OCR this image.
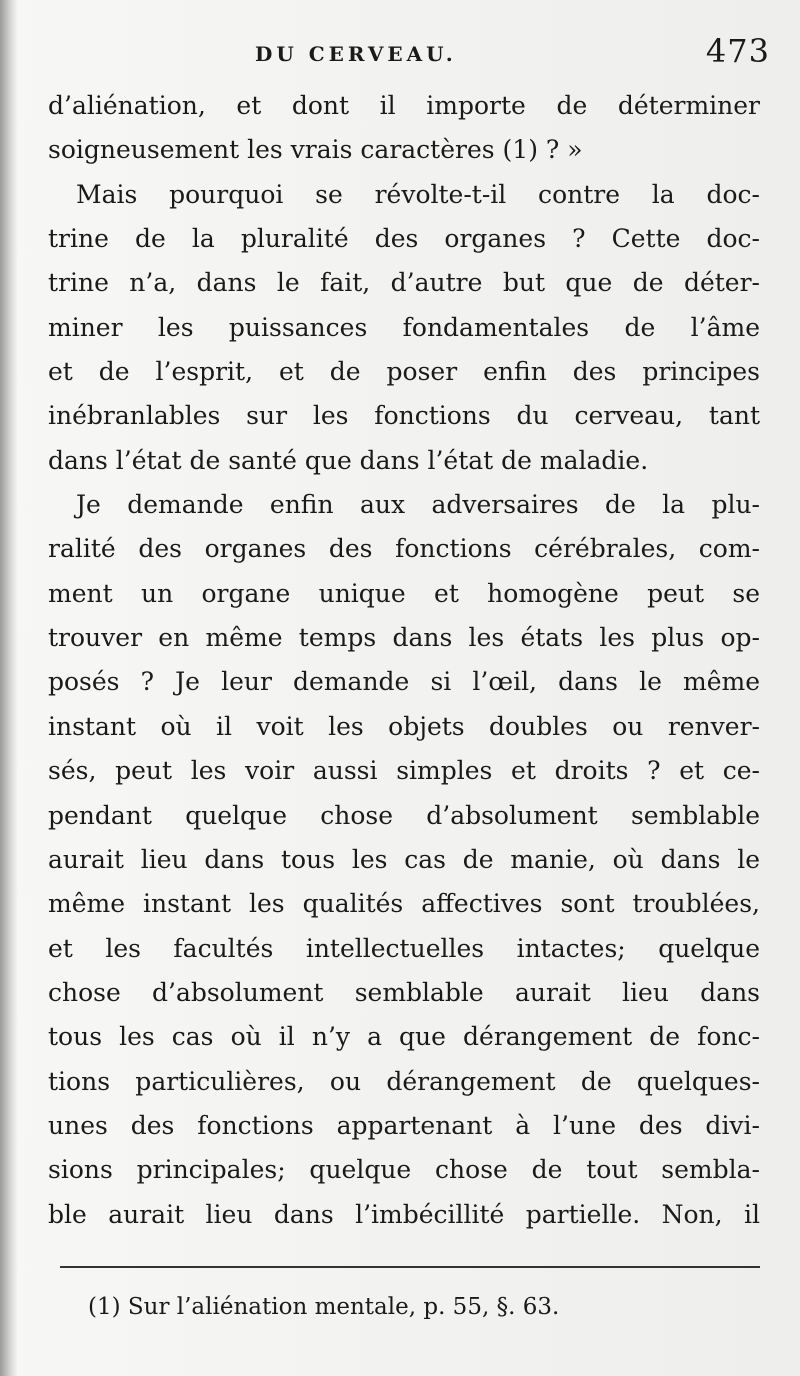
DU CERVEAU.	473
d’aliénation, et dont il importe de déterminer
soigneusement les vrais caractères (1) ? »
Mais pourquoi se révolte-t-il contre la doc-
trine de la pluralité des organes ? Cette doc-
trine n’a, dans le fait, d’autre but que de déter-
miner les puissances fondamentales de l’âme
et de l’esprit, et de poser enfin des principes
inébranlables sur les fonctions du cerveau, tant
dans l’état de santé que dans l’état de maladie.
Je demande enfin aux adversaires de la plu-
ralité des organes des fonctions cérébrales, com-
ment un organe unique et homogène peut se
trouver en même temps dans les états les plus op-
posés ? Je leur demande si l’œil, dans le même
instant où il voit les objets doubles ou renver-
sés, peut les voir aussi simples et droits ? et ce-
pendant quelque chose d’absolument semblable
aurait lieu dans tous les cas de manie, où dans le
même instant les qualités affectives sont troublées,
et les facultés intellectuelles intactes; quelque
chose d’absolument semblable aurait lieu dans
tous les cas où il n’y a que dérangement de fonc-
tions particulières, ou dérangement de quelques-
unes des fonctions appartenant à l’une des divi-
sions principales; quelque chose de tout sembla-
ble aurait lieu dans l’imbécillité partielle. Non, il
(1) Sur l’aliénation mentale, p. 55, §. 63.
